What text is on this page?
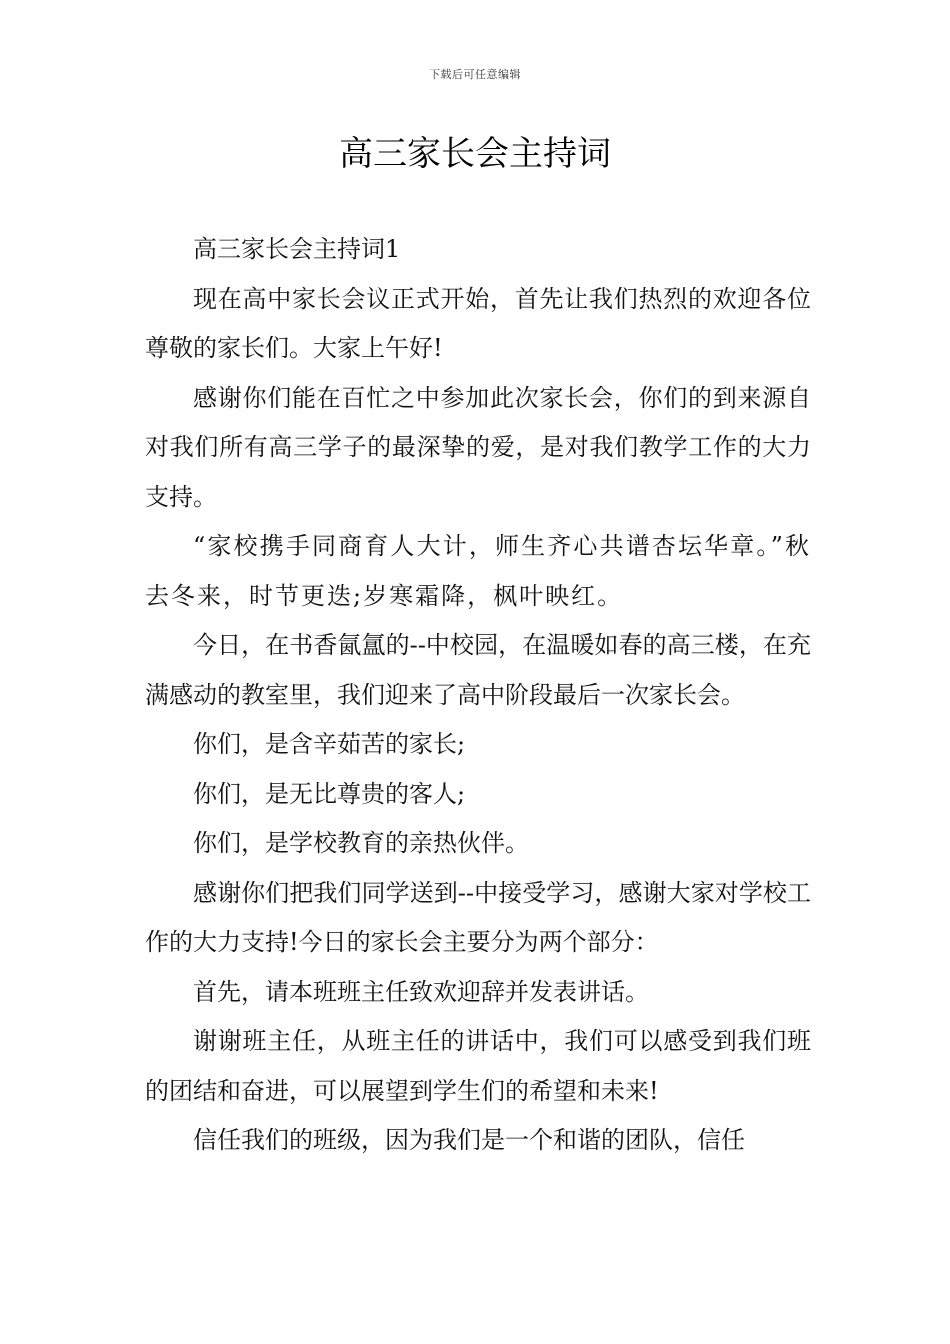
下载后可任意编辑
高三家长会主持词

高三家长会主持词1

现在高中家长会议正式开始，首先让我们热烈的欢迎各位尊敬的家长们。大家上午好!

感谢你们能在百忙之中参加此次家长会，你们的到来源自对我们所有高三学子的最深挚的爱，是对我们教学工作的大力支持。

“家校携手同商育人大计，师生齐心共谱杏坛华章。”秋去冬来，时节更迭;岁寒霜降，枫叶映红。

今日，在书香氤氲的--中校园，在温暖如春的高三楼，在充满感动的教室里，我们迎来了高中阶段最后一次家长会。

你们，是含辛茹苦的家长;

你们，是无比尊贵的客人;

你们，是学校教育的亲热伙伴。

感谢你们把我们同学送到--中接受学习，感谢大家对学校工作的大力支持!今日的家长会主要分为两个部分：

首先，请本班班主任致欢迎辞并发表讲话。

谢谢班主任，从班主任的讲话中，我们可以感受到我们班的团结和奋进，可以展望到学生们的希望和未来!

信任我们的班级，因为我们是一个和谐的团队，信任
